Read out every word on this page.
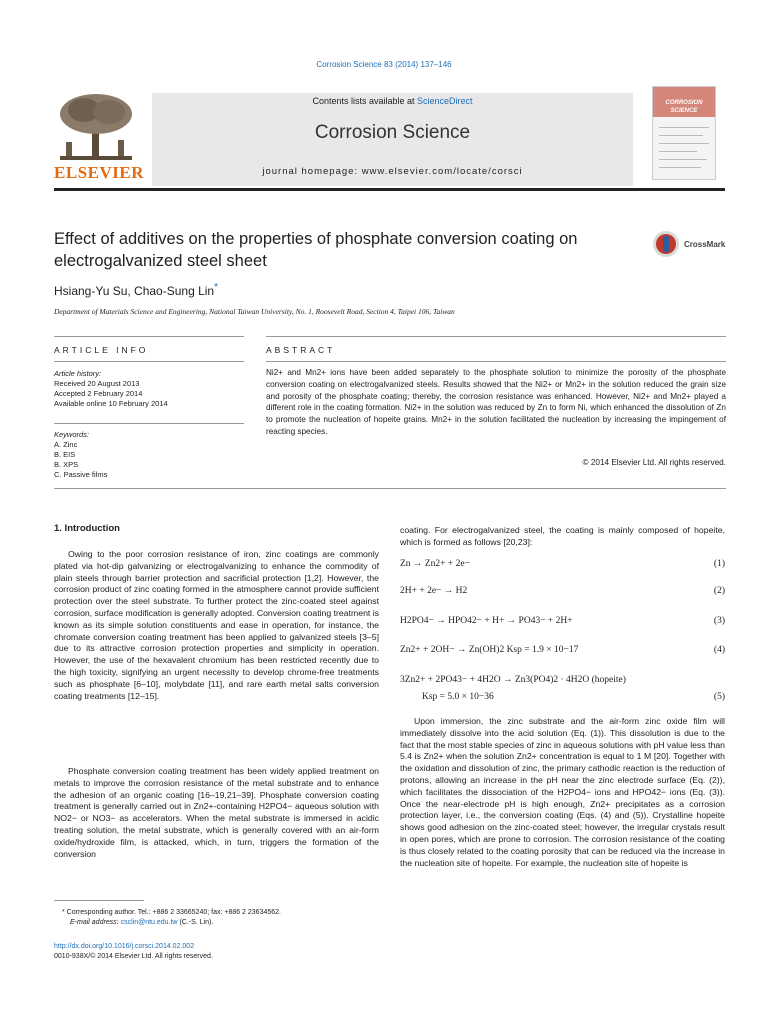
Corrosion Science 83 (2014) 137–146
ELSEVIER
Contents lists available at ScienceDirect
Corrosion Science
journal homepage: www.elsevier.com/locate/corsci
CORROSION SCIENCE
Effect of additives on the properties of phosphate conversion coating on electrogalvanized steel sheet
CrossMark
Hsiang-Yu Su, Chao-Sung Lin*
Department of Materials Science and Engineering, National Taiwan University, No. 1, Roosevelt Road, Section 4, Taipei 106, Taiwan
ARTICLE INFO
Article history:
Received 20 August 2013
Accepted 2 February 2014
Available online 10 February 2014
Keywords:
A. Zinc
B. EIS
B. XPS
C. Passive films
ABSTRACT
Ni2+ and Mn2+ ions have been added separately to the phosphate solution to minimize the porosity of the phosphate conversion coating on electrogalvanized steels. Results showed that the Ni2+ or Mn2+ in the solution reduced the grain size and porosity of the phosphate coating; thereby, the corrosion resistance was enhanced. However, Ni2+ and Mn2+ played a different role in the coating formation. Ni2+ in the solution was reduced by Zn to form Ni, which enhanced the dissolution of Zn to promote the nucleation of hopeite grains. Mn2+ in the solution facilitated the nucleation by increasing the impingement of reacting species.
© 2014 Elsevier Ltd. All rights reserved.
1. Introduction
Owing to the poor corrosion resistance of iron, zinc coatings are commonly plated via hot-dip galvanizing or electrogalvanizing to enhance the commodity of plain steels through barrier protection and sacrificial protection [1,2]. However, the corrosion product of zinc coating formed in the atmosphere cannot provide sufficient protection over the steel substrate. To further protect the zinc-coated steel against corrosion, surface modification is generally adopted. Conversion coating treatment is known as its simple solution constituents and ease in operation, for instance, the chromate conversion coating treatment has been applied to galvanized steels [3–5] due to its attractive corrosion protection properties and simplicity in operation. However, the use of the hexavalent chromium has been restricted recently due to the high toxicity, signifying an urgent necessity to develop chrome-free treatments such as phosphate [6–10], molybdate [11], and rare earth metal salts conversion coating treatments [12–15].
Phosphate conversion coating treatment has been widely applied treatment on metals to improve the corrosion resistance of the metal substrate and to enhance the adhesion of an organic coating [16–19,21–39]. Phosphate conversion coating treatment is generally carried out in Zn2+-containing H2PO4− aqueous solution with NO2− or NO3− as accelerators. When the metal substrate is immersed in acidic treating solution, the metal substrate, which is generally covered with an air-form oxide/hydroxide film, is attacked, which, in turn, triggers the formation of the conversion
* Corresponding author. Tel.: +886 2 33665240; fax: +886 2 23634562.
E-mail address: csclin@ntu.edu.tw (C.-S. Lin).
http://dx.doi.org/10.1016/j.corsci.2014.02.002
0010-938X/© 2014 Elsevier Ltd. All rights reserved.
coating. For electrogalvanized steel, the coating is mainly composed of hopeite, which is formed as follows [20,23]:
Zn → Zn2+ + 2e−	(1)
2H+ + 2e− → H2	(2)
H2PO4− → HPO42− + H+ → PO43− + 2H+	(3)
Zn2+ + 2OH− → Zn(OH)2 Ksp = 1.9 × 10−17	(4)
3Zn2+ + 2PO43− + 4H2O → Zn3(PO4)2 · 4H2O (hopeite)
Ksp = 5.0 × 10−36	(5)
Upon immersion, the zinc substrate and the air-form zinc oxide film will immediately dissolve into the acid solution (Eq. (1)). This dissolution is due to the fact that the most stable species of zinc in aqueous solutions with pH value less than 5.4 is Zn2+ when the solution Zn2+ concentration is equal to 1 M [20]. Together with the oxidation and dissolution of zinc, the primary cathodic reaction is the reduction of protons, allowing an increase in the pH near the zinc electrode surface (Eq. (2)), which facilitates the dissociation of the H2PO4− ions and HPO42− ions (Eq. (3)). Once the near-electrode pH is high enough, Zn2+ precipitates as a corrosion protection layer, i.e., the conversion coating (Eqs. (4) and (5)). Crystalline hopeite shows good adhesion on the zinc-coated steel; however, the irregular crystals result in open pores, which are prone to corrosion. The corrosion resistance of the coating is thus closely related to the coating porosity that can be reduced via the increase in the nucleation site of hopeite. For example, the nucleation site of hopeite is
